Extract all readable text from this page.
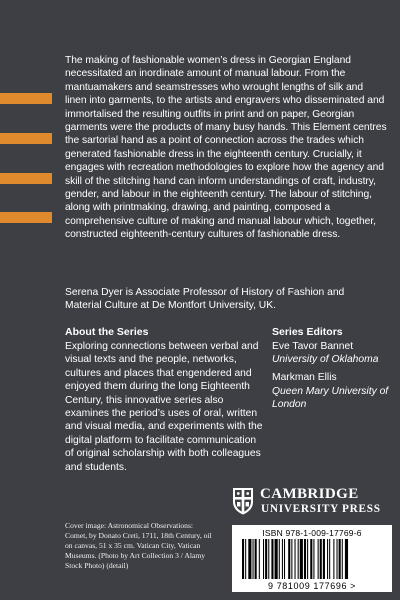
The making of fashionable women’s dress in Georgian England necessitated an inordinate amount of manual labour. From the mantuamakers and seamstresses who wrought lengths of silk and linen into garments, to the artists and engravers who disseminated and immortalised the resulting outfits in print and on paper, Georgian garments were the products of many busy hands. This Element centres the sartorial hand as a point of connection across the trades which generated fashionable dress in the eighteenth century. Crucially, it engages with recreation methodologies to explore how the agency and skill of the stitching hand can inform understandings of craft, industry, gender, and labour in the eighteenth century. The labour of stitching, along with printmaking, drawing, and painting, composed a comprehensive culture of making and manual labour which, together, constructed eighteenth-century cultures of fashionable dress.

Serena Dyer is Associate Professor of History of Fashion and Material Culture at De Montfort University, UK.

About the Series

Exploring connections between verbal and visual texts and the people, networks, cultures and places that engendered and enjoyed them during the long Eighteenth Century, this innovative series also examines the period’s uses of oral, written and visual media, and experiments with the digital platform to facilitate communication of original scholarship with both colleagues and students.

Series Editors
Eve Tavor Bannet
University of Oklahoma
Markman Ellis
Queen Mary University of London
CAMBRIDGE
UNIVERSITY PRESS

Cover image: Astronomical Observations: Comet, by Donato Creti, 1711, 18th Century, oil on canvas, 51 x 35 cm. Vatican City, Vatican Museums. (Photo by Art Collection 3 / Alamy Stock Photo) (detail)

ISBN 978-1-009-17769-6
9 781009 177696 >
